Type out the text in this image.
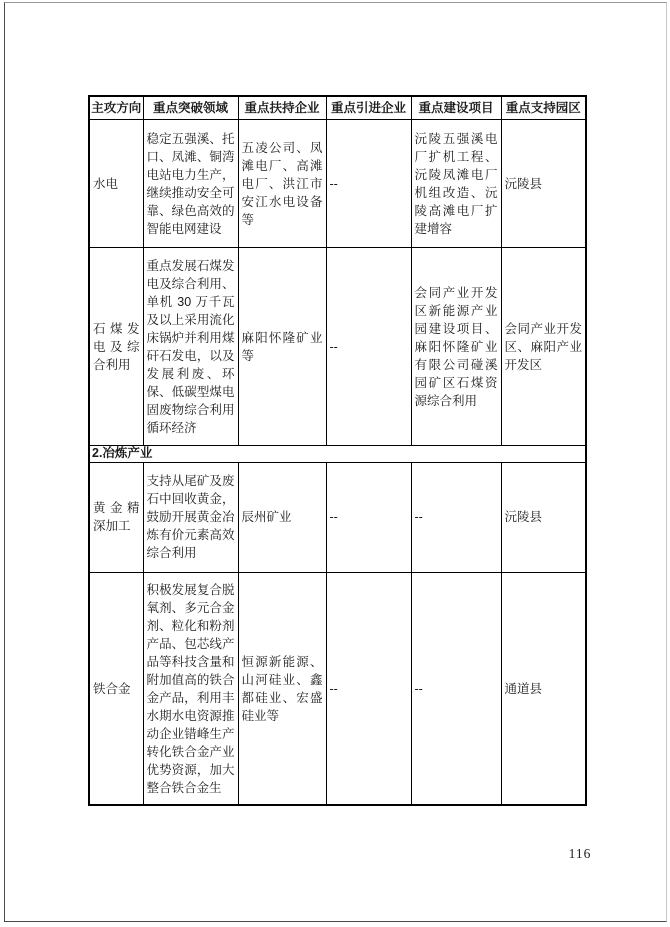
主攻方向	重点突破领域	重点扶持企业	重点引进企业	重点建设项目	重点支持园区
水电	稳定五强溪、托口、凤滩、铜湾电站电力生产，继续推动安全可靠、绿色高效的智能电网建设	五凌公司、凤滩电厂、高滩电厂、洪江市安江水电设备等	--	沅陵五强溪电厂扩机工程、沅陵凤滩电厂机组改造、沅陵高滩电厂扩建增容	沅陵县
石煤发电及综合利用	重点发展石煤发电及综合利用、单机 30 万千瓦及以上采用流化床锅炉并利用煤矸石发电，以及发展利废、环保、低碳型煤电固废物综合利用循环经济	麻阳怀隆矿业等	--	会同产业开发区新能源产业园建设项目、麻阳怀隆矿业有限公司碰溪园矿区石煤资源综合利用	会同产业开发区、麻阳产业开发区
2.冶炼产业					
黄金精深加工	支持从尾矿及废石中回收黄金，鼓励开展黄金冶炼有价元素高效综合利用	辰州矿业	--	--	沅陵县
铁合金	积极发展复合脱氧剂、多元合金剂、粒化和粉剂产品、包芯线产品等科技含量和附加值高的铁合金产品，利用丰水期水电资源推动企业错峰生产转化铁合金产业优势资源，加大整合铁合金生	恒源新能源、山河硅业、鑫都硅业、宏盛硅业等	--	--	通道县
116
